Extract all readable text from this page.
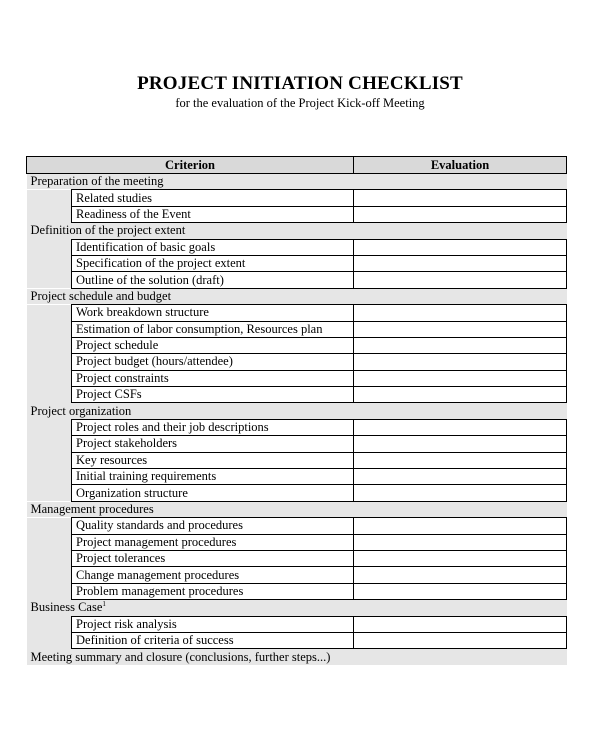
PROJECT INITIATION CHECKLIST
for the evaluation of the Project Kick-off Meeting
Criterion		Evaluation
Preparation of the meeting		
	Related studies	
	Readiness of the Event	
Definition of the project extent		
	Identification of basic goals	
	Specification of the project extent	
	Outline of the solution (draft)	
Project schedule and budget		
	Work breakdown structure	
	Estimation of labor consumption, Resources plan	
	Project schedule	
	Project budget (hours/attendee)	
	Project constraints	
	Project CSFs	
Project organization		
	Project roles and their job descriptions	
	Project stakeholders	
	Key resources	
	Initial training requirements	
	Organization structure	
Management procedures		
	Quality standards and procedures	
	Project management procedures	
	Project tolerances	
	Change management procedures	
	Problem management procedures	
Business Case$^1$
	Project risk analysis	
	Definition of criteria of success	
Meeting summary and closure (conclusions, further steps...)		
